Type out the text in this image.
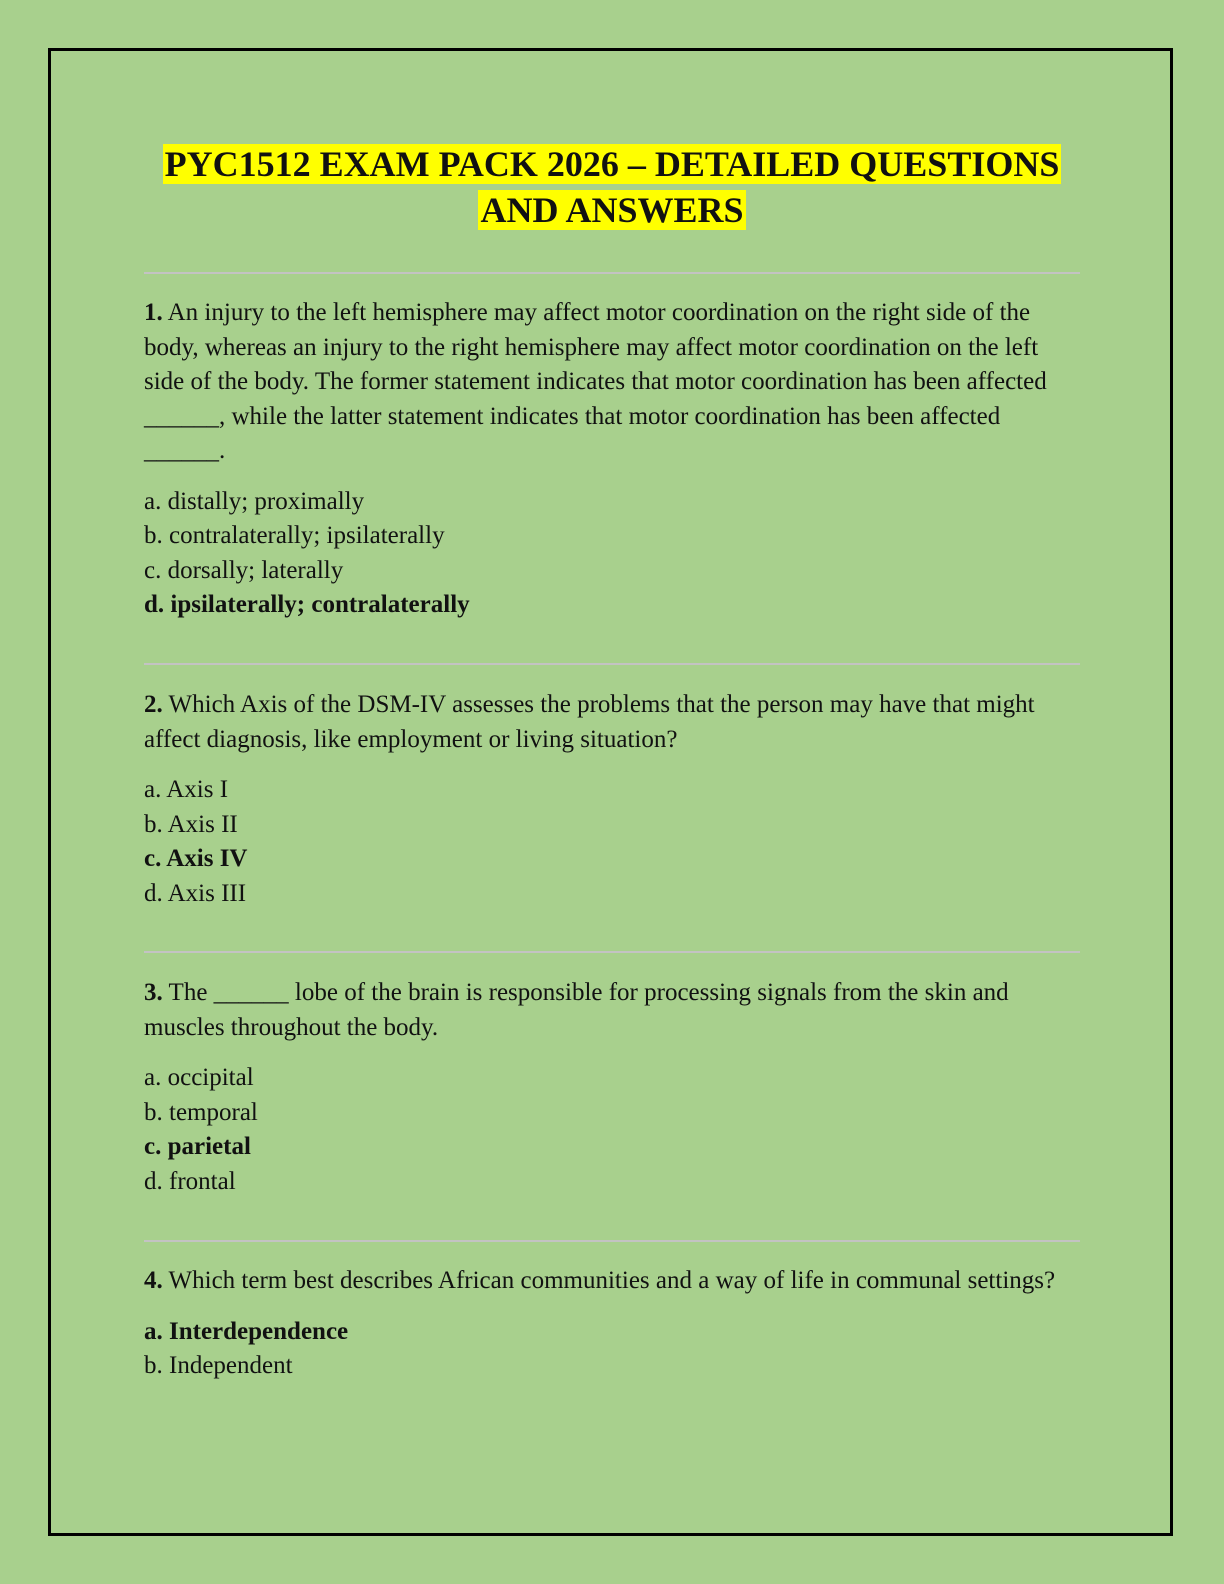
PYC1512 EXAM PACK 2026 – DETAILED QUESTIONS
AND ANSWERS

1. An injury to the left hemisphere may affect motor coordination on the right side of the body, whereas an injury to the right hemisphere may affect motor coordination on the left side of the body. The former statement indicates that motor coordination has been affected ______, while the latter statement indicates that motor coordination has been affected ______.

a. distally; proximally
b. contralaterally; ipsilaterally
c. dorsally; laterally
d. ipsilaterally; contralaterally

2. Which Axis of the DSM-IV assesses the problems that the person may have that might affect diagnosis, like employment or living situation?

a. Axis I
b. Axis II
c. Axis IV
d. Axis III

3. The ______ lobe of the brain is responsible for processing signals from the skin and muscles throughout the body.

a. occipital
b. temporal
c. parietal
d. frontal

4. Which term best describes African communities and a way of life in communal settings?

a. Interdependence
b. Independent
